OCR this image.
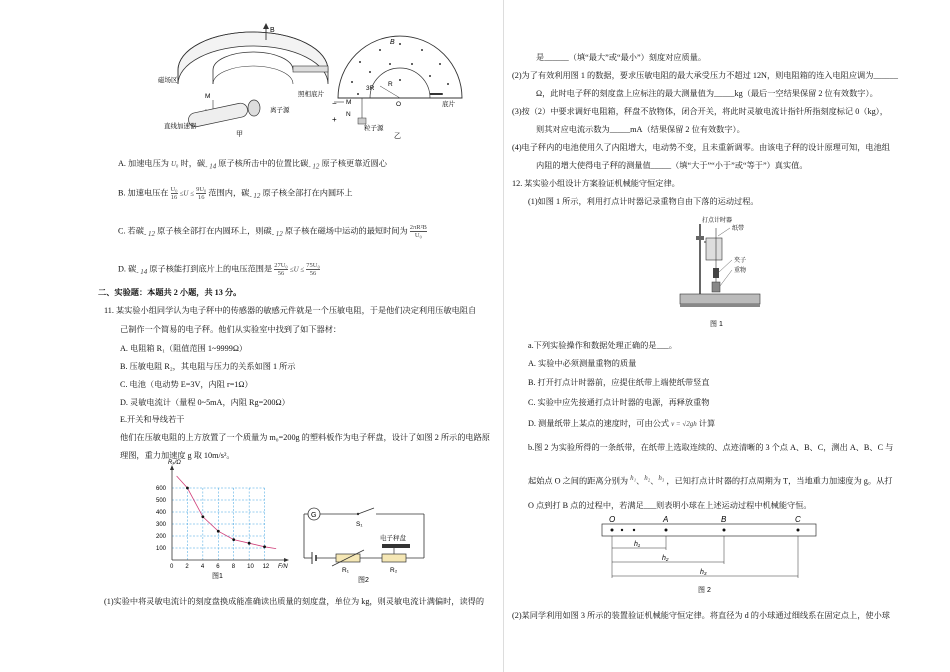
B
磁场区
照相底片
M
离子源
直线加速器
甲
B
3R
R
O
M
N
+
−
粒子源
底片
乙
A. 加速电压为 U₀ 时，碳$_{- 14}$ 原子核所击中的位置比碳$_{- 12}$ 原子核更靠近圆心
B. 加速电压在 $\frac{\text{U₀}}{16} \le U \le \frac{\text{9U₀}}{16}$ 范围内，碳$_{- 12}$ 原子核全部打在内圆环上
C. 若碳$_{- 12}$ 原子核全部打在内圆环上，则碳$_{- 12}$ 原子核在磁场中运动的最短时间为 $\frac{\text{2πR²B}}{\text{U₀}}$
D. 碳$_{- 14}$ 原子核能打到底片上的电压范围是 $\frac{\text{27U₀}}{56} \le U \le \frac{\text{75U₀}}{56}$
二、实验题：本题共 2 小题，共 13 分。
11. 某实验小组同学认为电子秤中的传感器的敏感元件就是一个压敏电阻，于是他们决定利用压敏电阻自
己制作一个简易的电子秤。他们从实验室中找到了如下器材：
A. 电阻箱 R₁（阻值范围 1~9999Ω）
B. 压敏电阻 R₂，其电阻与压力的关系如图 1 所示
C. 电池（电动势 E=3V，内阻 r=1Ω）
D. 灵敏电流计（量程 0~5mA，内阻 Rg=200Ω）
E.开关和导线若干
他们在压敏电阻的上方放置了一个质量为 m₀=200g 的塑料板作为电子秤盘，设计了如图 2 所示的电路原
理图，重力加速度 g 取 10m/s²。
0 2 4 6 8 10 12
100
200
300
400
500
600
F/N
Rₓ/Ω
图1
G
S₁
电子秤盘
R₁	R₂
图2
(1)实验中将灵敏电流计的刻度盘换成能准确读出质量的刻度盘，单位为 kg，则灵敏电流计满偏时，读得的
是______（填“最大”或“最小”）刻度对应质量。
(2)为了有效利用图 1 的数据，要求压敏电阻的最大承受压力不超过 12N，则电阻箱的连入电阻应调为______
Ω，此时电子秤的刻度盘上应标注的最大测量值为_____kg（最后一空结果保留 2 位有效数字）。
(3)按（2）中要求调好电阻箱，秤盘不放物体，闭合开关，将此时灵敏电流计指针所指刻度标记 0（kg），
则其对应电流示数为_____mA（结果保留 2 位有效数字）。
(4)电子秤内的电池使用久了内阻增大，电动势不变，且未重新调零。由该电子秤的设计原理可知，电池组
内阻的增大使得电子秤的测量值_____（填“大于”“小于”或“等于”）真实值。
12. 某实验小组设计方案验证机械能守恒定律。
(1)如图 1 所示，利用打点计时器记录重物自由下落的运动过程。
打点计时器
纸带
夹子
重物
图 1
a.下列实验操作和数据处理正确的是___。
A. 实验中必须测量重物的质量
B. 打开打点计时器前，应提住纸带上端使纸带竖直
C. 实验中应先接通打点计时器的电源，再释放重物
D. 测量纸带上某点的速度时，可由公式 v = √2gh 计算
b.图 2 为实验所得的一条纸带，在纸带上选取连续的、点迹清晰的 3 个点 A、B、C，测出 A、B、C 与
起始点 O 之间的距离分别为 $^{h_1}$、$^{h_2}$、$^{h_3}$ ，已知打点计时器的打点周期为 T，当地重力加速度为 g。从打
O 点到打 B 点的过程中，若满足___则表明小球在上述运动过程中机械能守恒。
O	A	B	C
h₁
h₂
h₃
图 2
(2)某同学利用如图 3 所示的装置验证机械能守恒定律。将直径为 d 的小球通过细线系在固定点上，使小球
